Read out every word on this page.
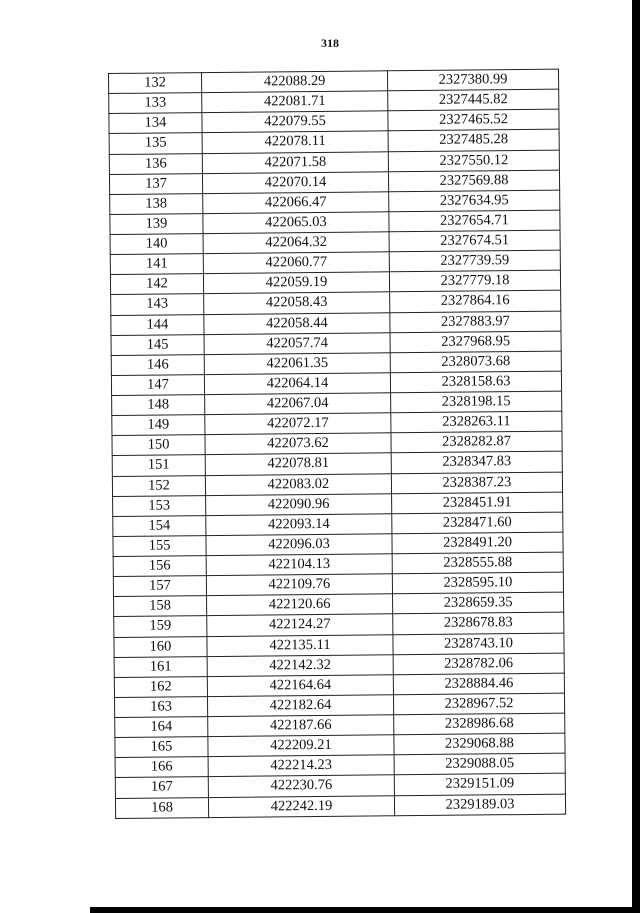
318
132	422088.29	2327380.99
133	422081.71	2327445.82
134	422079.55	2327465.52
135	422078.11	2327485.28
136	422071.58	2327550.12
137	422070.14	2327569.88
138	422066.47	2327634.95
139	422065.03	2327654.71
140	422064.32	2327674.51
141	422060.77	2327739.59
142	422059.19	2327779.18
143	422058.43	2327864.16
144	422058.44	2327883.97
145	422057.74	2327968.95
146	422061.35	2328073.68
147	422064.14	2328158.63
148	422067.04	2328198.15
149	422072.17	2328263.11
150	422073.62	2328282.87
151	422078.81	2328347.83
152	422083.02	2328387.23
153	422090.96	2328451.91
154	422093.14	2328471.60
155	422096.03	2328491.20
156	422104.13	2328555.88
157	422109.76	2328595.10
158	422120.66	2328659.35
159	422124.27	2328678.83
160	422135.11	2328743.10
161	422142.32	2328782.06
162	422164.64	2328884.46
163	422182.64	2328967.52
164	422187.66	2328986.68
165	422209.21	2329068.88
166	422214.23	2329088.05
167	422230.76	2329151.09
168	422242.19	2329189.03
